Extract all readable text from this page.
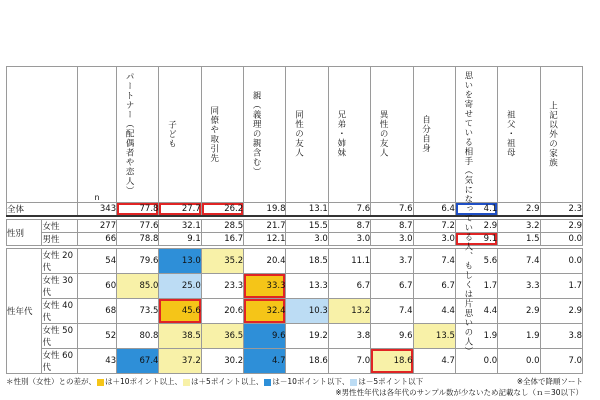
		n	パートナー（配偶者や恋人）	子ども	同僚や取引先	親（義理の親含む）	同性の友人	兄弟・姉妹	異性の友人	自分自身	思いを寄せている相手（気になっている人、もしくは片思いの人）	祖父・祖母	上記以外の家族

全体		343	77.8	27.7	26.2	19.8	13.1	7.6	7.6	6.4	4.1	2.9	2.3

性別	女性	277	77.6	32.1	28.5	21.7	15.5	8.7	8.7	7.2	2.9	3.2	2.9
	男性	66	78.8	9.1	16.7	12.1	3.0	3.0	3.0	3.0	9.1	1.5	0.0

性年代	女性 20代	54	79.6	13.0	35.2	20.4	18.5	11.1	3.7	7.4	5.6	7.4	0.0
	女性 30代	60	85.0	25.0	23.3	33.3	13.3	6.7	6.7	6.7	1.7	3.3	1.7
	女性 40代	68	73.5	45.6	20.6	32.4	10.3	13.2	7.4	4.4	4.4	2.9	2.9
	女性 50代	52	80.8	38.5	36.5	9.6	19.2	3.8	9.6	13.5	1.9	1.9	3.8
	女性 60代	43	67.4	37.2	30.2	4.7	18.6	7.0	18.6	4.7	0.0	0.0	7.0
＊性別（女性）との差が、 は＋10ポイント以上、 は＋5ポイント以上、 は－10ポイント以下、 は－5ポイント以下	※全体で降順ソート
※男性性年代は各年代のサンプル数が少ないため記載なし（ｎ＝30以下）
